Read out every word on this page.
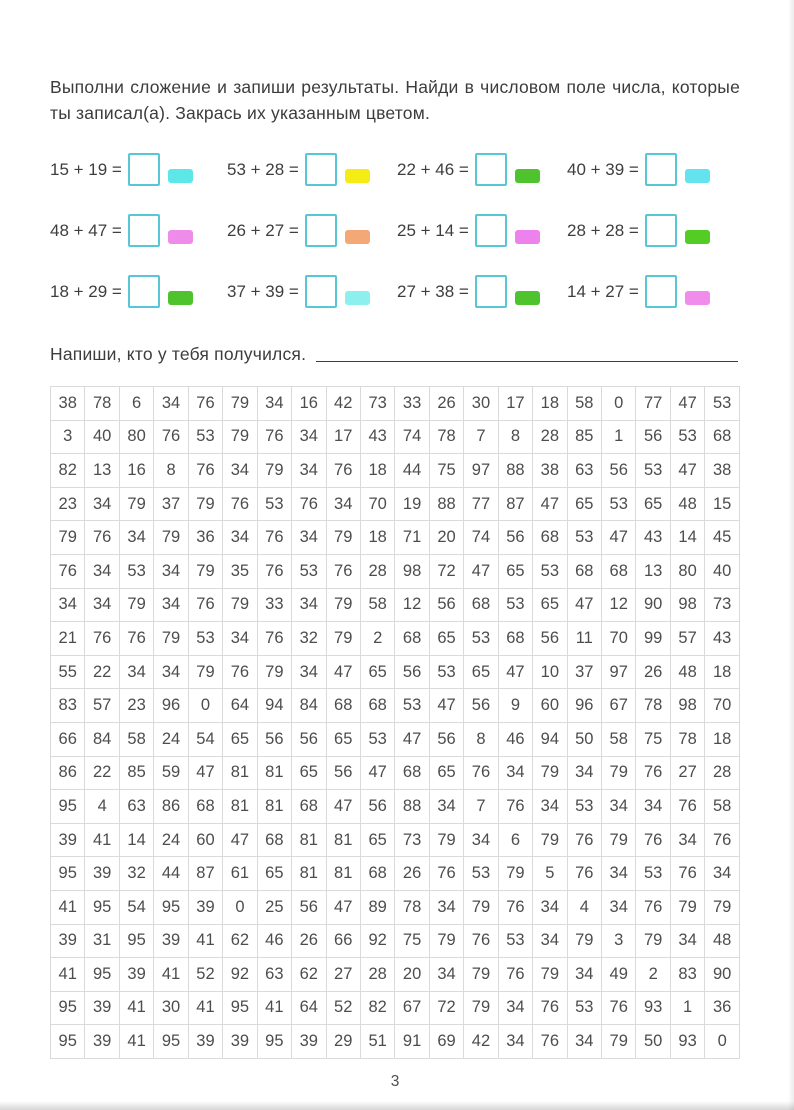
Выполни сложение и запиши результаты. Найди в числовом поле числа, которые ты записал(а). Закрась их указанным цветом.

15 + 19 =	53 + 28 =	22 + 46 =	40 + 39 =
48 + 47 =	26 + 27 =	25 + 14 =	28 + 28 =
18 + 29 =	37 + 39 =	27 + 38 =	14 + 27 =
Напиши, кто у тебя получился.
38	78	6	34	76	79	34	16	42	73	33	26	30	17	18	58	0	77	47	53
3	40	80	76	53	79	76	34	17	43	74	78	7	8	28	85	1	56	53	68
82	13	16	8	76	34	79	34	76	18	44	75	97	88	38	63	56	53	47	38
23	34	79	37	79	76	53	76	34	70	19	88	77	87	47	65	53	65	48	15
79	76	34	79	36	34	76	34	79	18	71	20	74	56	68	53	47	43	14	45
76	34	53	34	79	35	76	53	76	28	98	72	47	65	53	68	68	13	80	40
34	34	79	34	76	79	33	34	79	58	12	56	68	53	65	47	12	90	98	73
21	76	76	79	53	34	76	32	79	2	68	65	53	68	56	11	70	99	57	43
55	22	34	34	79	76	79	34	47	65	56	53	65	47	10	37	97	26	48	18
83	57	23	96	0	64	94	84	68	68	53	47	56	9	60	96	67	78	98	70
66	84	58	24	54	65	56	56	65	53	47	56	8	46	94	50	58	75	78	18
86	22	85	59	47	81	81	65	56	47	68	65	76	34	79	34	79	76	27	28
95	4	63	86	68	81	81	68	47	56	88	34	7	76	34	53	34	34	76	58
39	41	14	24	60	47	68	81	81	65	73	79	34	6	79	76	79	76	34	76
95	39	32	44	87	61	65	81	81	68	26	76	53	79	5	76	34	53	76	34
41	95	54	95	39	0	25	56	47	89	78	34	79	76	34	4	34	76	79	79
39	31	95	39	41	62	46	26	66	92	75	79	76	53	34	79	3	79	34	48
41	95	39	41	52	92	63	62	27	28	20	34	79	76	79	34	49	2	83	90
95	39	41	30	41	95	41	64	52	82	67	72	79	34	76	53	76	93	1	36
95	39	41	95	39	39	95	39	29	51	91	69	42	34	76	34	79	50	93	0
3
